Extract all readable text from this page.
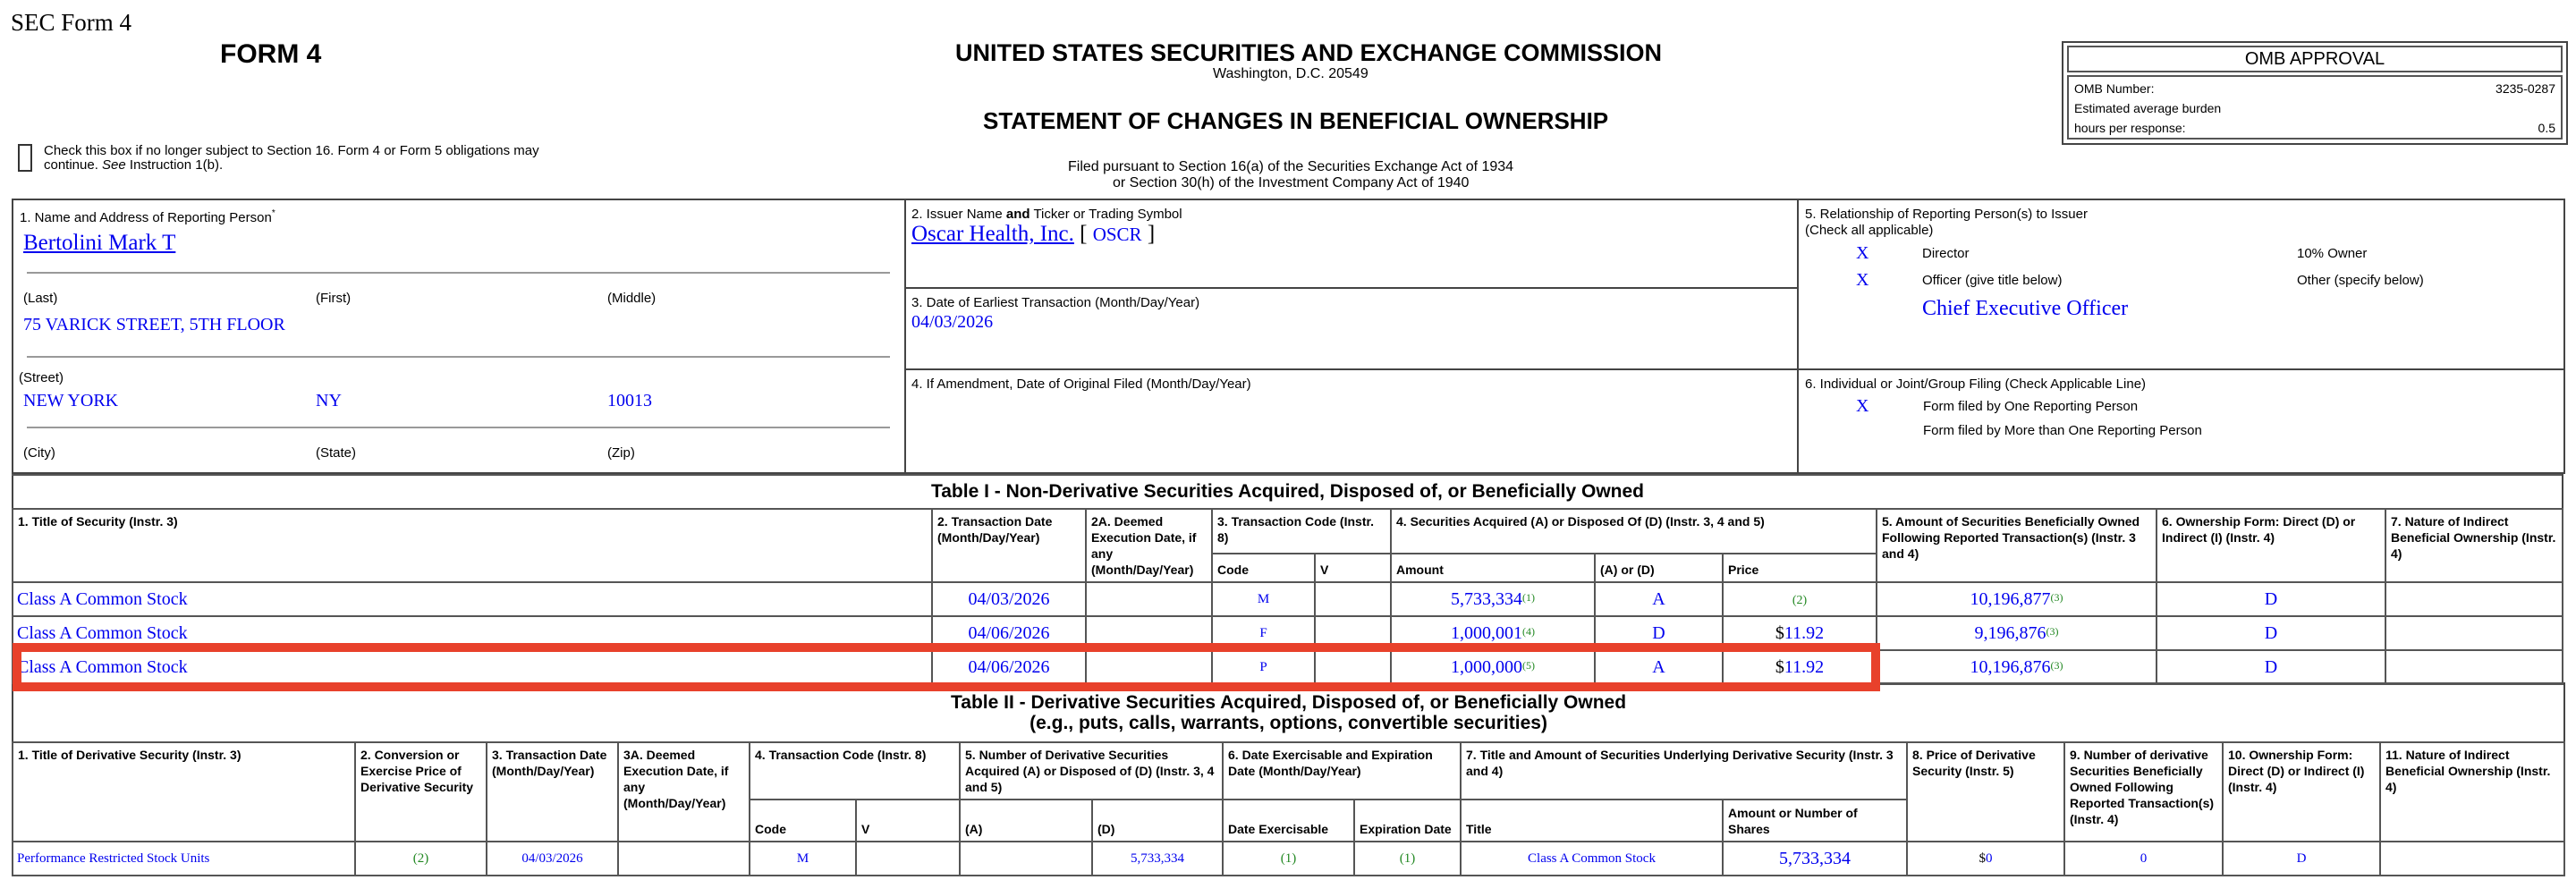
SEC Form 4
FORM 4	UNITED STATES SECURITIES AND EXCHANGE COMMISSION
Washington, D.C. 20549
STATEMENT OF CHANGES IN BENEFICIAL OWNERSHIP
Filed pursuant to Section 16(a) of the Securities Exchange Act of 1934
or Section 30(h) of the Investment Company Act of 1940
Check this box if no longer subject to Section 16. Form 4 or Form 5 obligations may
continue. See Instruction 1(b).
OMB APPROVAL
OMB Number:	3235-0287
Estimated average burden
hours per response:	0.5
1. Name and Address of Reporting Person*
Bertolini Mark T
(Last)	(First)	(Middle)
75 VARICK STREET, 5TH FLOOR
(Street)
NEW YORK	NY	10013
(City)	(State)	(Zip)
2. Issuer Name and Ticker or Trading Symbol
Oscar Health, Inc. [ OSCR ]
3. Date of Earliest Transaction (Month/Day/Year)
04/03/2026
4. If Amendment, Date of Original Filed (Month/Day/Year)
5. Relationship of Reporting Person(s) to Issuer
(Check all applicable)
X	Director	10% Owner
X	Officer (give title below)	Other (specify below)
Chief Executive Officer
6. Individual or Joint/Group Filing (Check Applicable Line)
X	Form filed by One Reporting Person
Form filed by More than One Reporting Person
Table I - Non-Derivative Securities Acquired, Disposed of, or Beneficially Owned										
1. Title of Security (Instr. 3)	2. Transaction Date (Month/Day/Year)	2A. Deemed Execution Date, if any (Month/Day/Year)	3. Transaction Code (Instr. 8)		4. Securities Acquired (A) or Disposed Of (D) (Instr. 3, 4 and 5)			5. Amount of Securities Beneficially Owned Following Reported Transaction(s) (Instr. 3 and 4)	6. Ownership Form: Direct (D) or Indirect (I) (Instr. 4)	7. Nature of Indirect Beneficial Ownership (Instr. 4)
			Code	V	Amount	(A) or (D)	Price			
Class A Common Stock	04/03/2026		M		5,733,334$^{(1)}$	A	(2)	10,196,877$^{(3)}$	D	
Class A Common Stock	04/06/2026		F		1,000,001$^{(4)}$	D	$11.92	9,196,876$^{(3)}$	D	
Class A Common Stock	04/06/2026		P		1,000,000$^{(5)}$	A	$11.92	10,196,876$^{(3)}$	D	
Table II - Derivative Securities Acquired, Disposed of, or Beneficially Owned
(e.g., puts, calls, warrants, options, convertible securities)															

1. Title of Derivative Security (Instr. 3)	2. Conversion or Exercise Price of Derivative Security	3. Transaction Date (Month/Day/Year)	3A. Deemed Execution Date, if any (Month/Day/Year)	4. Transaction Code (Instr. 8)		5. Number of Derivative Securities Acquired (A) or Disposed of (D) (Instr. 3, 4 and 5)		6. Date Exercisable and Expiration Date (Month/Day/Year)		7. Title and Amount of Securities Underlying Derivative Security (Instr. 3 and 4)		8. Price of Derivative Security (Instr. 5)	9. Number of derivative Securities Beneficially Owned Following Reported Transaction(s) (Instr. 4)	10. Ownership Form: Direct (D) or Indirect (I) (Instr. 4)	11. Nature of Indirect Beneficial Ownership (Instr. 4)
				Code	V	(A)	(D)	Date Exercisable	Expiration Date	Title	Amount or Number of Shares				
Performance Restricted Stock Units	(2)	04/03/2026		M			5,733,334	(1)	(1)	Class A Common Stock	5,733,334	$0	0	D	
